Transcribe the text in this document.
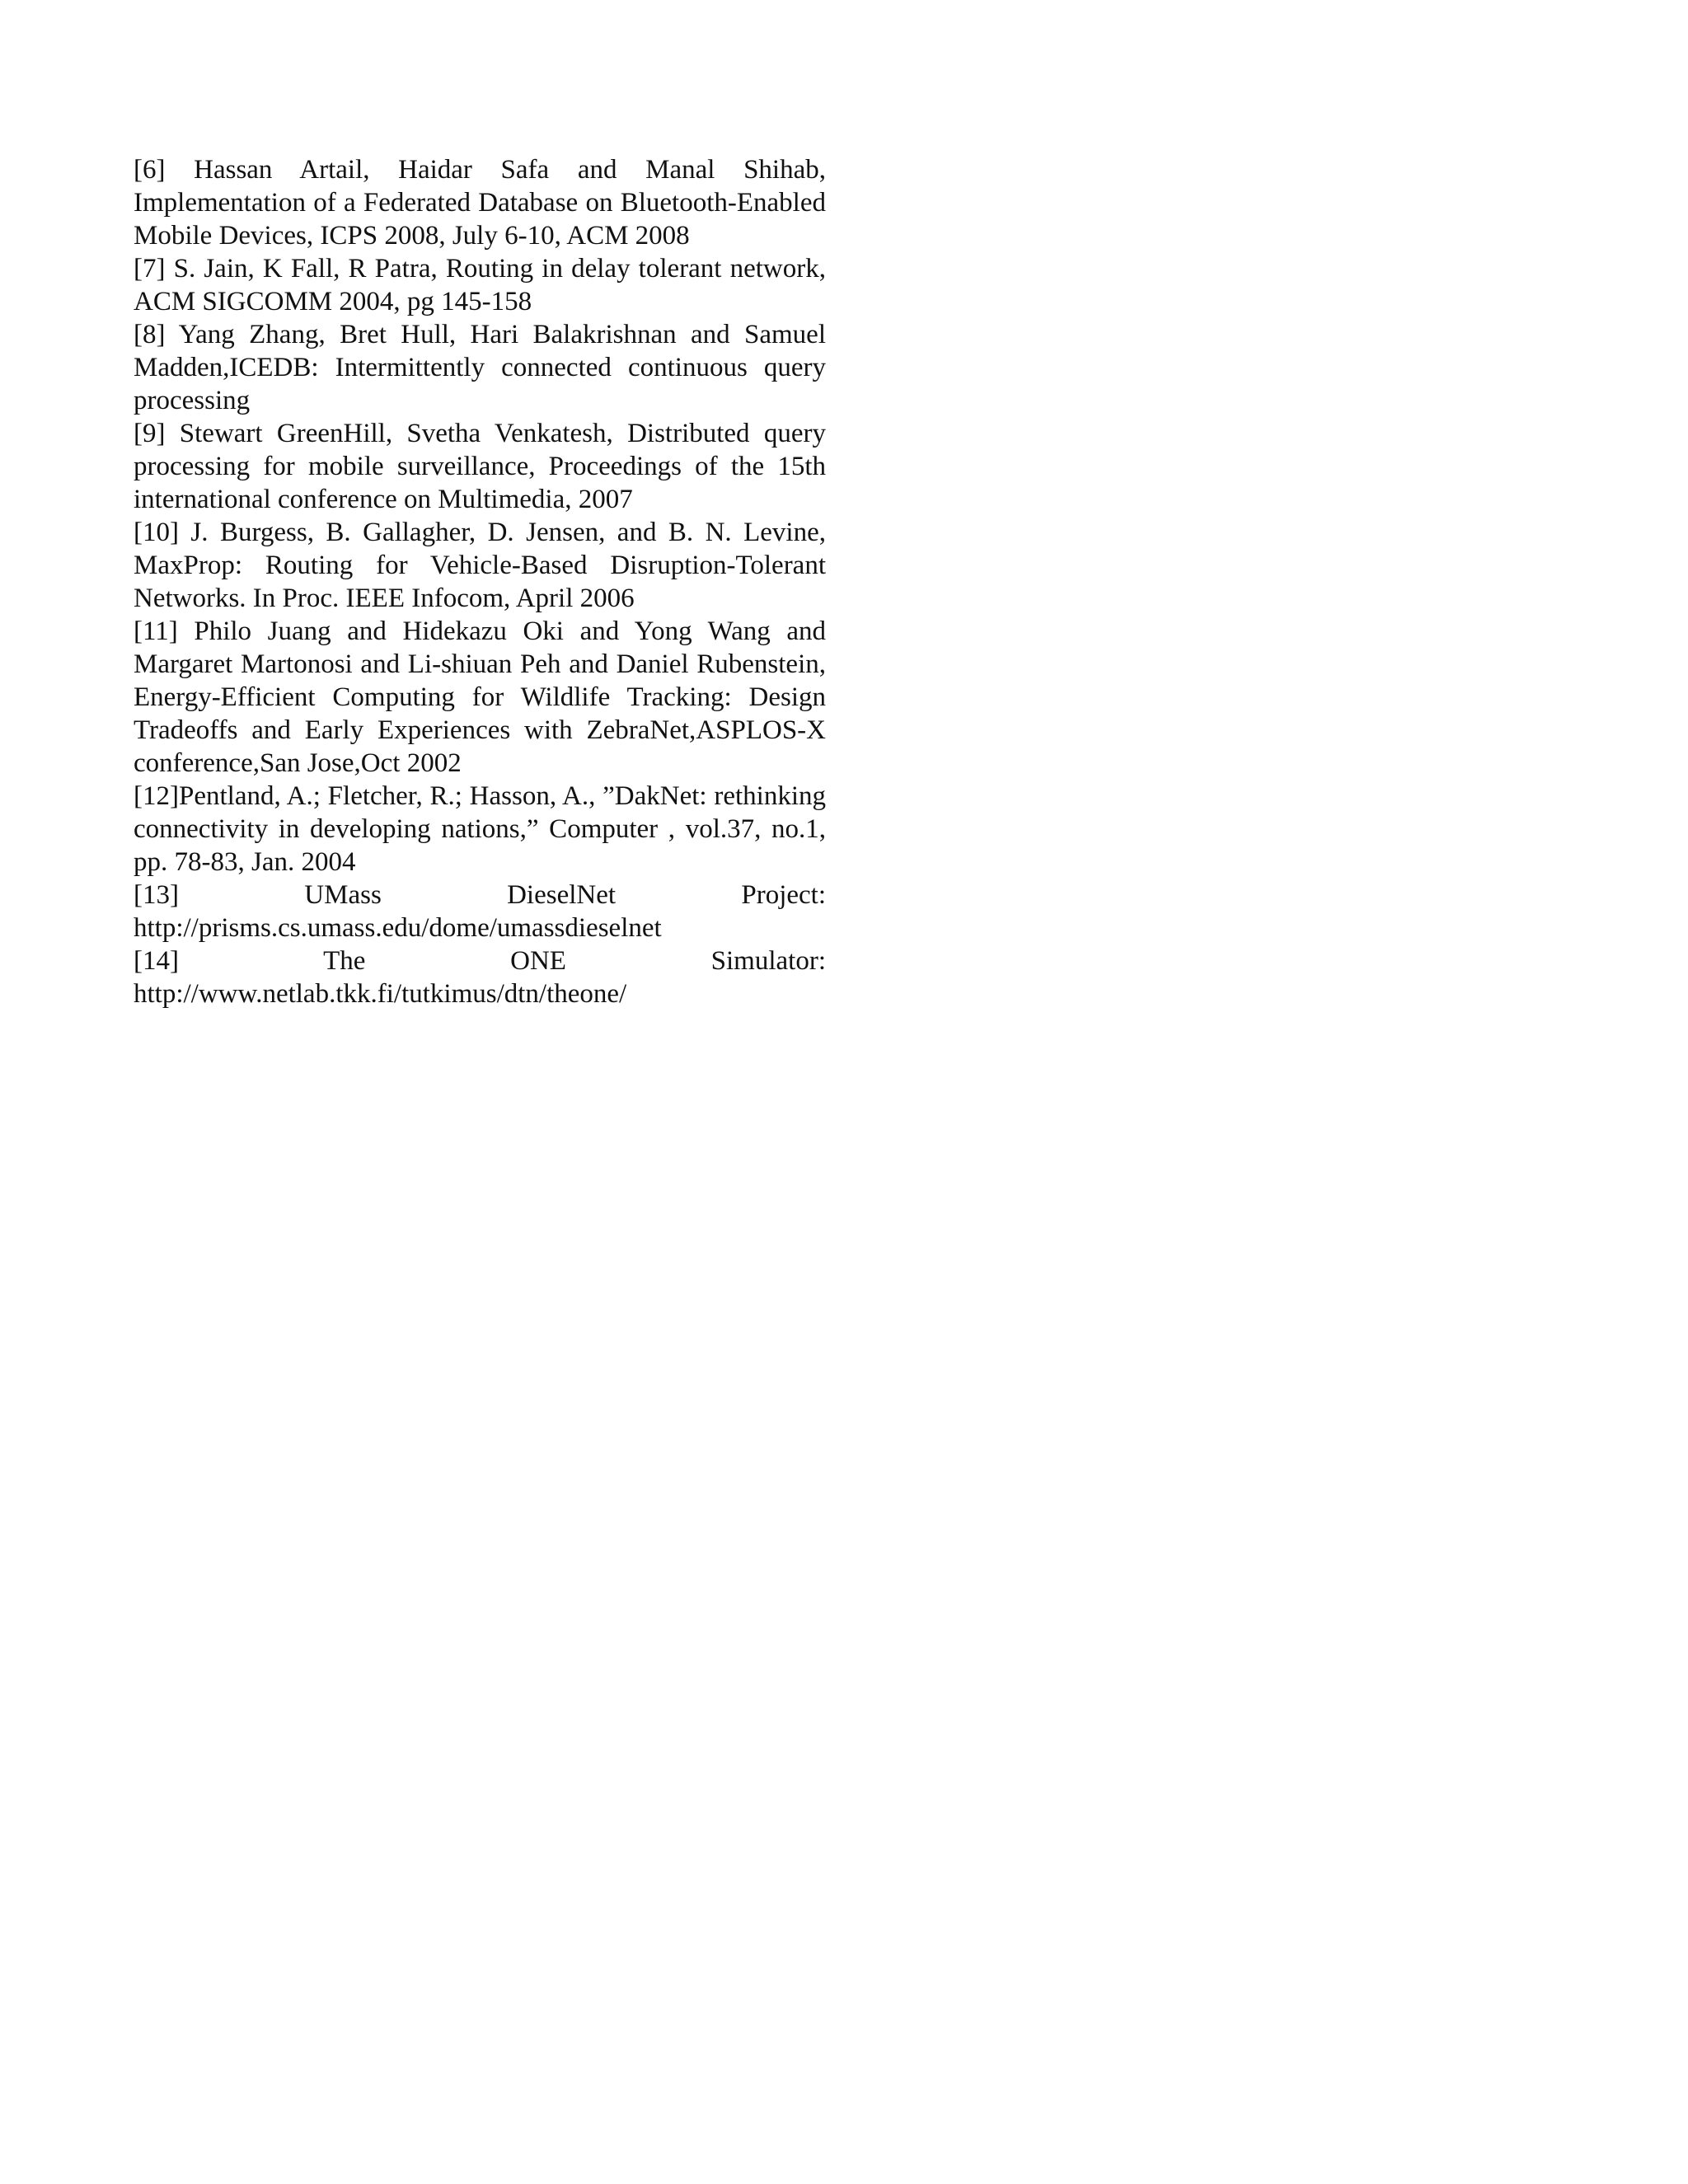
[6] Hassan Artail, Haidar Safa and Manal Shihab, Implementation of a Federated Database on Bluetooth-Enabled Mobile Devices, ICPS 2008, July 6-10, ACM 2008

[7] S. Jain, K Fall, R Patra, Routing in delay tolerant network, ACM SIGCOMM 2004, pg 145-158

[8] Yang Zhang, Bret Hull, Hari Balakrishnan and Samuel Madden,ICEDB: Intermittently connected continuous query processing

[9] Stewart GreenHill, Svetha Venkatesh, Distributed query processing for mobile surveillance, Proceedings of the 15th international conference on Multimedia, 2007

[10] J. Burgess, B. Gallagher, D. Jensen, and B. N. Levine, MaxProp: Routing for Vehicle-Based Disruption-Tolerant Networks. In Proc. IEEE Infocom, April 2006

[11] Philo Juang and Hidekazu Oki and Yong Wang and Margaret Martonosi and Li-shiuan Peh and Daniel Rubenstein, Energy-Efficient Computing for Wildlife Tracking: Design Tradeoffs and Early Experiences with ZebraNet,ASPLOS-X conference,San Jose,Oct 2002

[12]Pentland, A.; Fletcher, R.; Hasson, A., ”DakNet: rethinking connectivity in developing nations,” Computer , vol.37, no.1, pp. 78-83, Jan. 2004

[13] UMass DieselNet Project:
http://prisms.cs.umass.edu/dome/umassdieselnet

[14] The ONE Simulator:
http://www.netlab.tkk.fi/tutkimus/dtn/theone/
